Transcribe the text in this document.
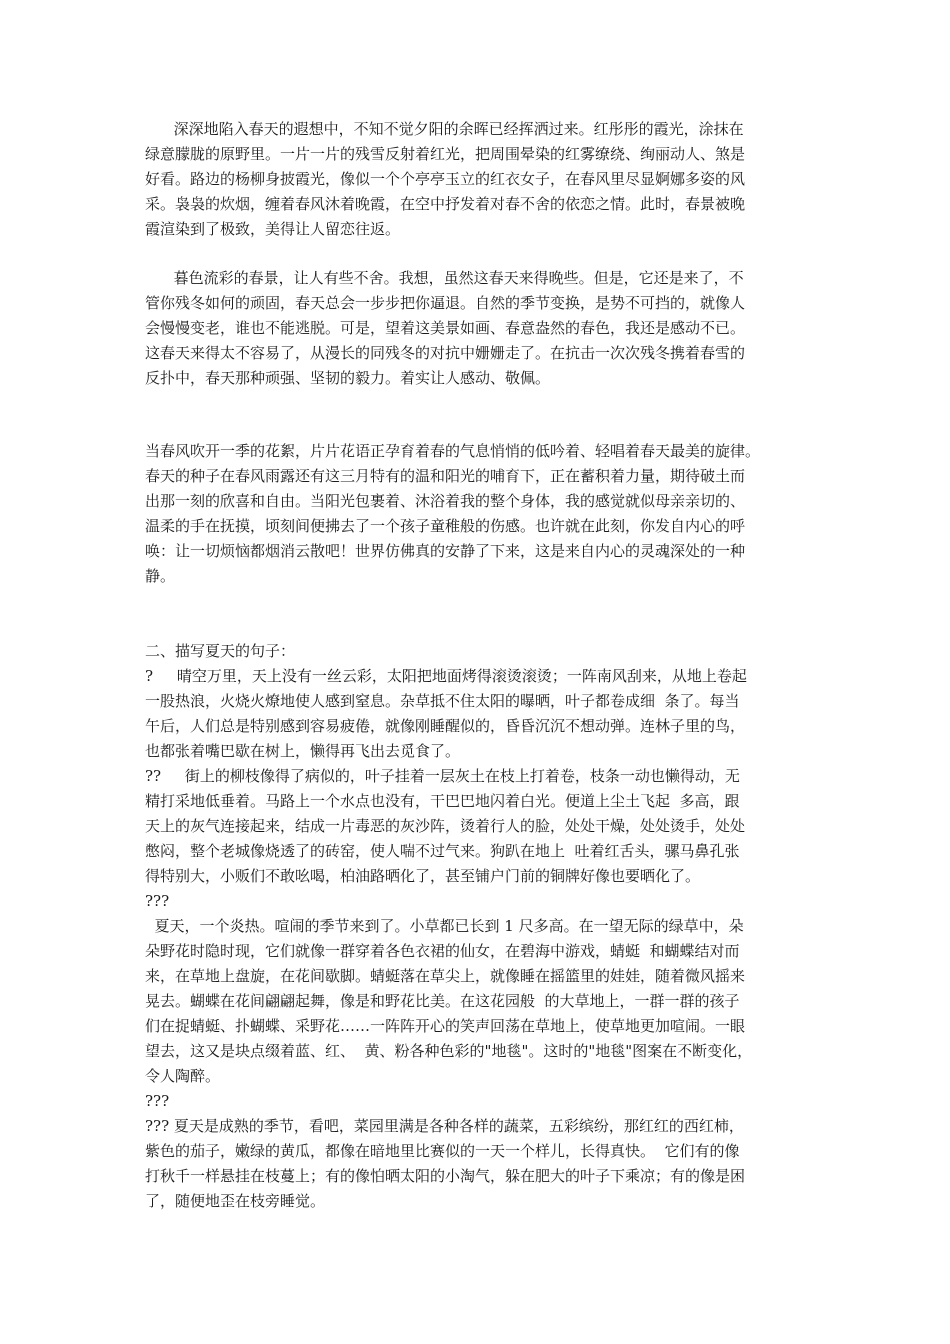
深深地陷入春天的遐想中，不知不觉夕阳的余晖已经挥洒过来。红彤彤的霞光，涂抹在
绿意朦胧的原野里。一片一片的残雪反射着红光，把周围晕染的红雾缭绕、绚丽动人、煞是
好看。路边的杨柳身披霞光，像似一个个亭亭玉立的红衣女子，在春风里尽显婀娜多姿的风
采。袅袅的炊烟，缠着春风沐着晚霞，在空中抒发着对春不舍的依恋之情。此时，春景被晚
霞渲染到了极致，美得让人留恋往返。
暮色流彩的春景，让人有些不舍。我想，虽然这春天来得晚些。但是，它还是来了，不
管你残冬如何的顽固，春天总会一步步把你逼退。自然的季节变换，是势不可挡的，就像人
会慢慢变老，谁也不能逃脱。可是，望着这美景如画、春意盎然的春色，我还是感动不已。
这春天来得太不容易了，从漫长的同残冬的对抗中姗姗走了。在抗击一次次残冬携着春雪的
反扑中，春天那种顽强、坚韧的毅力。着实让人感动、敬佩。
当春风吹开一季的花絮，片片花语正孕育着春的气息悄悄的低吟着、轻唱着春天最美的旋律。
春天的种子在春风雨露还有这三月特有的温和阳光的哺育下，正在蓄积着力量，期待破土而
出那一刻的欣喜和自由。当阳光包裹着、沐浴着我的整个身体，我的感觉就似母亲亲切的、
温柔的手在抚摸，顷刻间便拂去了一个孩子童稚般的伤感。也许就在此刻，你发自内心的呼
唤：让一切烦恼都烟消云散吧！世界仿佛真的安静了下来，这是来自内心的灵魂深处的一种
静。
二、描写夏天的句子：
?     晴空万里，天上没有一丝云彩，太阳把地面烤得滚烫滚烫；一阵南风刮来，从地上卷起
一股热浪，火烧火燎地使人感到窒息。杂草抵不住太阳的曝晒，叶子都卷成细  条了。每当
午后，人们总是特别感到容易疲倦，就像刚睡醒似的，昏昏沉沉不想动弹。连林子里的鸟，
也都张着嘴巴歇在树上，懒得再飞出去觅食了。
??     街上的柳枝像得了病似的，叶子挂着一层灰土在枝上打着卷，枝条一动也懒得动，无
精打采地低垂着。马路上一个水点也没有，干巴巴地闪着白光。便道上尘土飞起  多高，跟
天上的灰气连接起来，结成一片毒恶的灰沙阵，烫着行人的脸，处处干燥，处处烫手，处处
憋闷，整个老城像烧透了的砖窑，使人喘不过气来。狗趴在地上  吐着红舌头，骡马鼻孔张
得特别大，小贩们不敢吆喝，柏油路晒化了，甚至铺户门前的铜牌好像也要晒化了。
???
夏天，一个炎热。喧闹的季节来到了。小草都已长到 1 尺多高。在一望无际的绿草中，朵
朵野花时隐时现，它们就像一群穿着各色衣裙的仙女，在碧海中游戏，蜻蜓  和蝴蝶结对而
来，在草地上盘旋，在花间歇脚。蜻蜓落在草尖上，就像睡在摇篮里的娃娃，随着微风摇来
晃去。蝴蝶在花间翩翩起舞，像是和野花比美。在这花园般  的大草地上，一群一群的孩子
们在捉蜻蜓、扑蝴蝶、采野花……一阵阵开心的笑声回荡在草地上，使草地更加喧闹。一眼
望去，这又是块点缀着蓝、红、  黄、粉各种色彩的"地毯"。这时的"地毯"图案在不断变化，
令人陶醉。
???
??? 夏天是成熟的季节，看吧，菜园里满是各种各样的蔬菜，五彩缤纷，那红红的西红柿，
紫色的茄子，嫩绿的黄瓜，都像在暗地里比赛似的一天一个样儿，长得真快。  它们有的像
打秋千一样悬挂在枝蔓上；有的像怕晒太阳的小淘气，躲在肥大的叶子下乘凉；有的像是困
了，随便地歪在枝旁睡觉。
